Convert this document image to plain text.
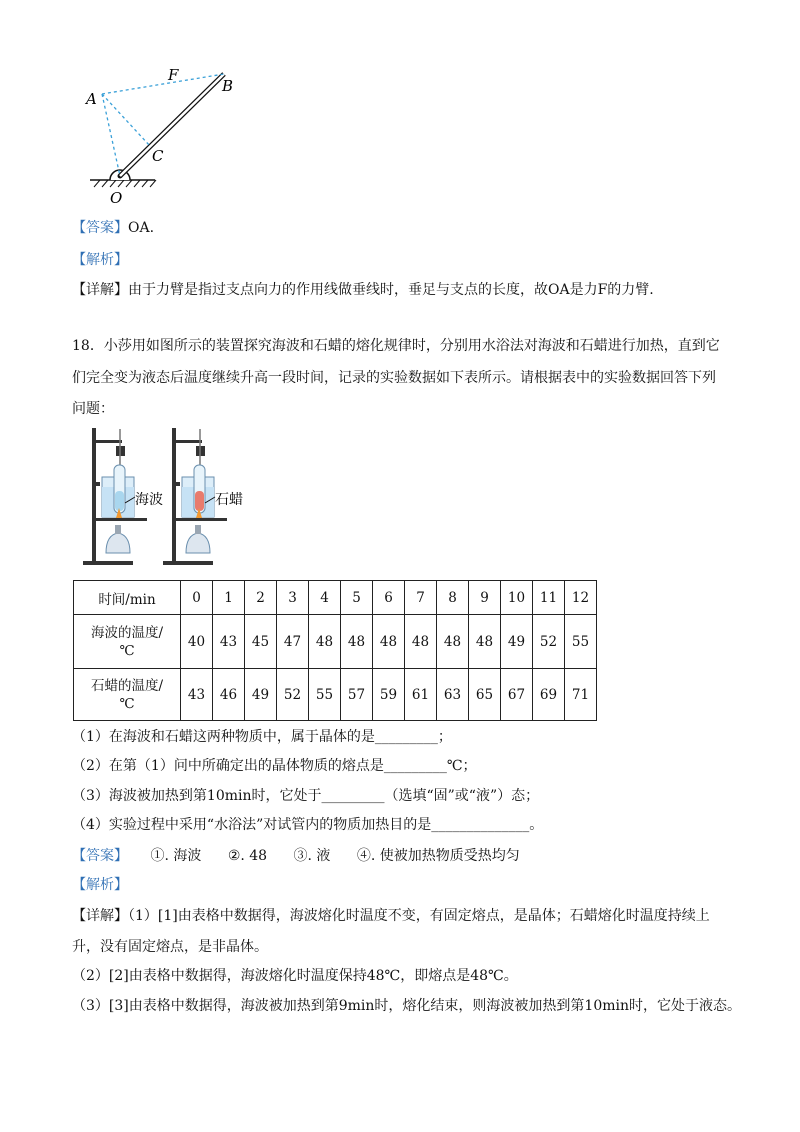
F
B
A
C
O
【答案】OA.
【解析】
【详解】由于力臂是指过支点向力的作用线做垂线时，垂足与支点的长度，故OA是力F的力臂.
18．小莎用如图所示的装置探究海波和石蜡的熔化规律时，分别用水浴法对海波和石蜡进行加热，直到它
们完全变为液态后温度继续升高一段时间，记录的实验数据如下表所示。请根据表中的实验数据回答下列
问题：
海波	石蜡
时间/min	0	1	2	3	4	5	6	7	8	9	10	11	12

海波的温度/
℃	40	43	45	47	48	48	48	48	48	48	49	52	55

石蜡的温度/
℃	43	46	49	52	55	57	59	61	63	65	67	69	71
（1）在海波和石蜡这两种物质中，属于晶体的是_________；
（2）在第（1）问中所确定出的晶体物质的熔点是_________℃；
（3）海波被加热到第10min时，它处于_________（选填“固”或“液”）态；
（4）实验过程中采用“水浴法”对试管内的物质加热目的是______________。
【答案】 ①. 海波 ②. 48 ③. 液 ④. 使被加热物质受热均匀
【解析】
【详解】（1）[1]由表格中数据得，海波熔化时温度不变，有固定熔点，是晶体；石蜡熔化时温度持续上
升，没有固定熔点，是非晶体。
（2）[2]由表格中数据得，海波熔化时温度保持48℃，即熔点是48℃。
（3）[3]由表格中数据得，海波被加热到第9min时，熔化结束，则海波被加热到第10min时，它处于液态。
